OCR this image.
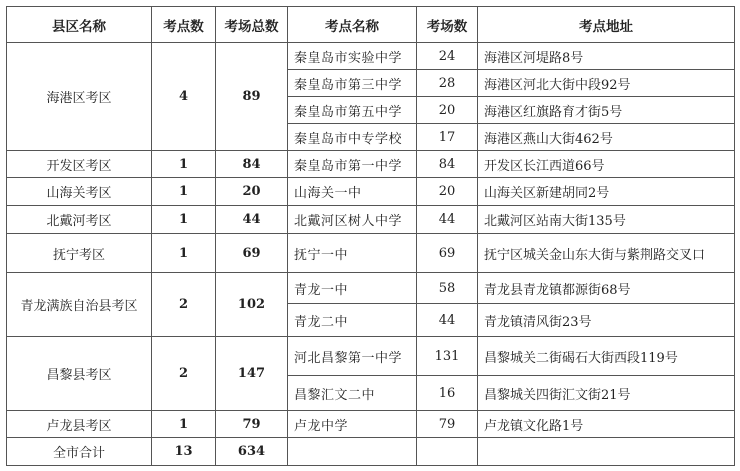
县区名称	考点数	考场总数	考点名称	考场数	考点地址
海港区考区	4	89	秦皇岛市实验中学	24	海港区河堤路8号
			秦皇岛市第三中学	28	海港区河北大街中段92号
			秦皇岛市第五中学	20	海港区红旗路育才街5号
			秦皇岛市中专学校	17	海港区燕山大街462号
开发区考区	1	84	秦皇岛市第一中学	84	开发区长江西道66号
山海关考区	1	20	山海关一中	20	山海关区新建胡同2号
北戴河考区	1	44	北戴河区树人中学	44	北戴河区站南大街135号
抚宁考区	1	69	抚宁一中	69	抚宁区城关金山东大街与紫荆路交叉口
青龙满族自治县考区	2	102	青龙一中	58	青龙县青龙镇都源街68号
			青龙二中	44	青龙镇清风街23号
昌黎县考区	2	147	河北昌黎第一中学	131	昌黎城关二街碣石大街西段119号
			昌黎汇文二中	16	昌黎城关四街汇文街21号
卢龙县考区	1	79	卢龙中学	79	卢龙镇文化路1号
全市合计	13	634			
